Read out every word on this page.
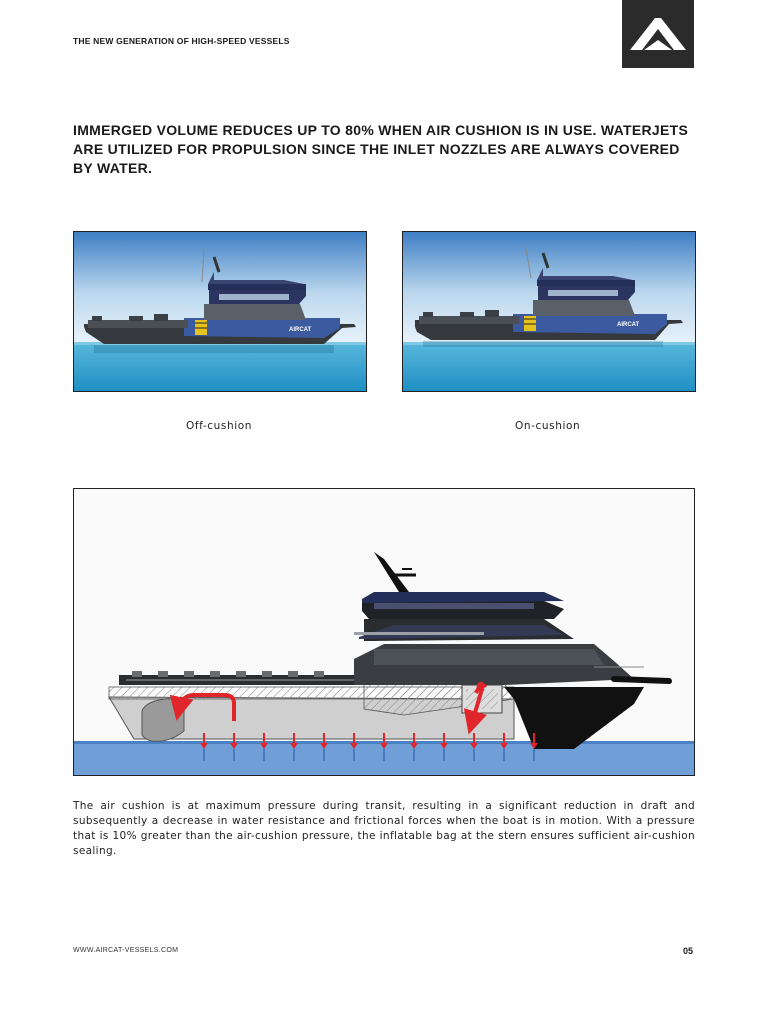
THE NEW GENERATION OF HIGH-SPEED VESSELS

IMMERGED VOLUME REDUCES UP TO 80% WHEN AIR CUSHION IS IN USE. WATERJETS ARE UTILIZED FOR PROPULSION SINCE THE INLET NOZZLES ARE ALWAYS COVERED BY WATER.

AIRCAT
AIRCAT
Off-cushion	On-cushion

The air cushion is at maximum pressure during transit, resulting in a significant reduction in draft and subsequently a decrease in water resistance and frictional forces when the boat is in motion. With a pressure that is 10% greater than the air-cushion pressure, the inflatable bag at the stern ensures sufficient air-cushion sealing.

WWW.AIRCAT-VESSELS.COM	05
